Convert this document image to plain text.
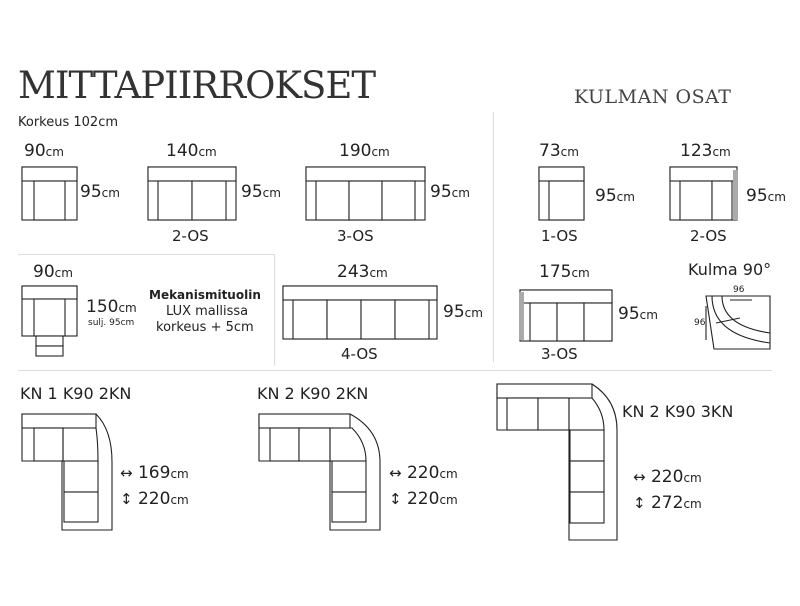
MITTAPIIRROKSET	KULMAN OSAT
Korkeus 102cm
90cm
95cm
140cm
95cm
2-OS
190cm
95cm
3-OS
73cm
95cm
1-OS
123cm
95cm
2-OS
90cm
150cm
sulj. 95cm
Mekanismituolin
LUX mallissa
korkeus + 5cm
243cm
95cm
4-OS
175cm
95cm
3-OS
Kulma 90°
96
96
KN 1 K90 2KN
↔ 169cm
↕ 220cm
KN 2 K90 2KN
↔ 220cm
↕ 220cm
KN 2 K90 3KN
↔ 220cm
↕ 272cm
